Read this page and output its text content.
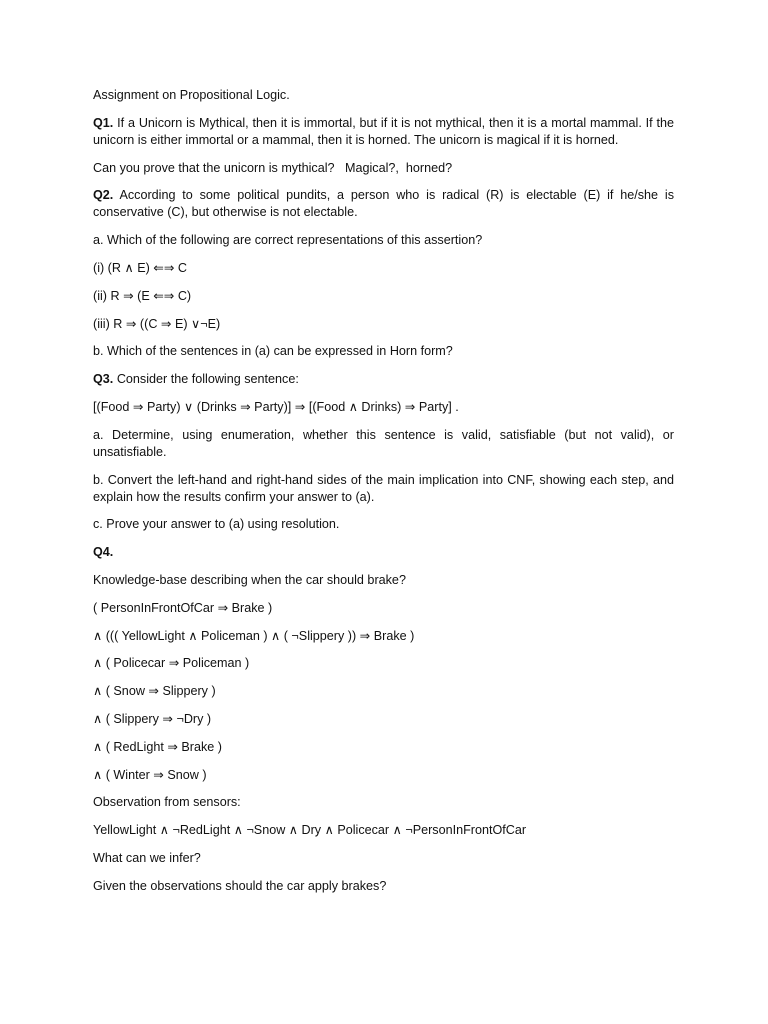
Assignment on Propositional Logic.

Q1. If a Unicorn is Mythical, then it is immortal, but if it is not mythical, then it is a mortal mammal. If the unicorn is either immortal or a mammal, then it is horned. The unicorn is magical if it is horned.

Can you prove that the unicorn is mythical?   Magical?,  horned?

Q2. According to some political pundits, a person who is radical (R) is electable (E) if he/she is conservative (C), but otherwise is not electable.

a. Which of the following are correct representations of this assertion?

(i) (R ∧ E) ⇐⇒ C

(ii) R ⇒ (E ⇐⇒ C)

(iii) R ⇒ ((C ⇒ E) ∨¬E)

b. Which of the sentences in (a) can be expressed in Horn form?

Q3. Consider the following sentence:

[(Food ⇒ Party) ∨ (Drinks ⇒ Party)] ⇒ [(Food ∧ Drinks) ⇒ Party] .

a. Determine, using enumeration, whether this sentence is valid, satisfiable (but not valid), or unsatisfiable.

b. Convert the left-hand and right-hand sides of the main implication into CNF, showing each step, and explain how the results confirm your answer to (a).

c. Prove your answer to (a) using resolution.

Q4.

Knowledge-base describing when the car should brake?

( PersonInFrontOfCar ⇒ Brake )

∧ ((( YellowLight ∧ Policeman ) ∧ ( ¬Slippery )) ⇒ Brake )

∧ ( Policecar ⇒ Policeman )

∧ ( Snow ⇒ Slippery )

∧ ( Slippery ⇒ ¬Dry )

∧ ( RedLight ⇒ Brake )

∧ ( Winter ⇒ Snow )

Observation from sensors:

YellowLight ∧ ¬RedLight ∧ ¬Snow ∧ Dry ∧ Policecar ∧ ¬PersonInFrontOfCar

What can we infer?

Given the observations should the car apply brakes?
